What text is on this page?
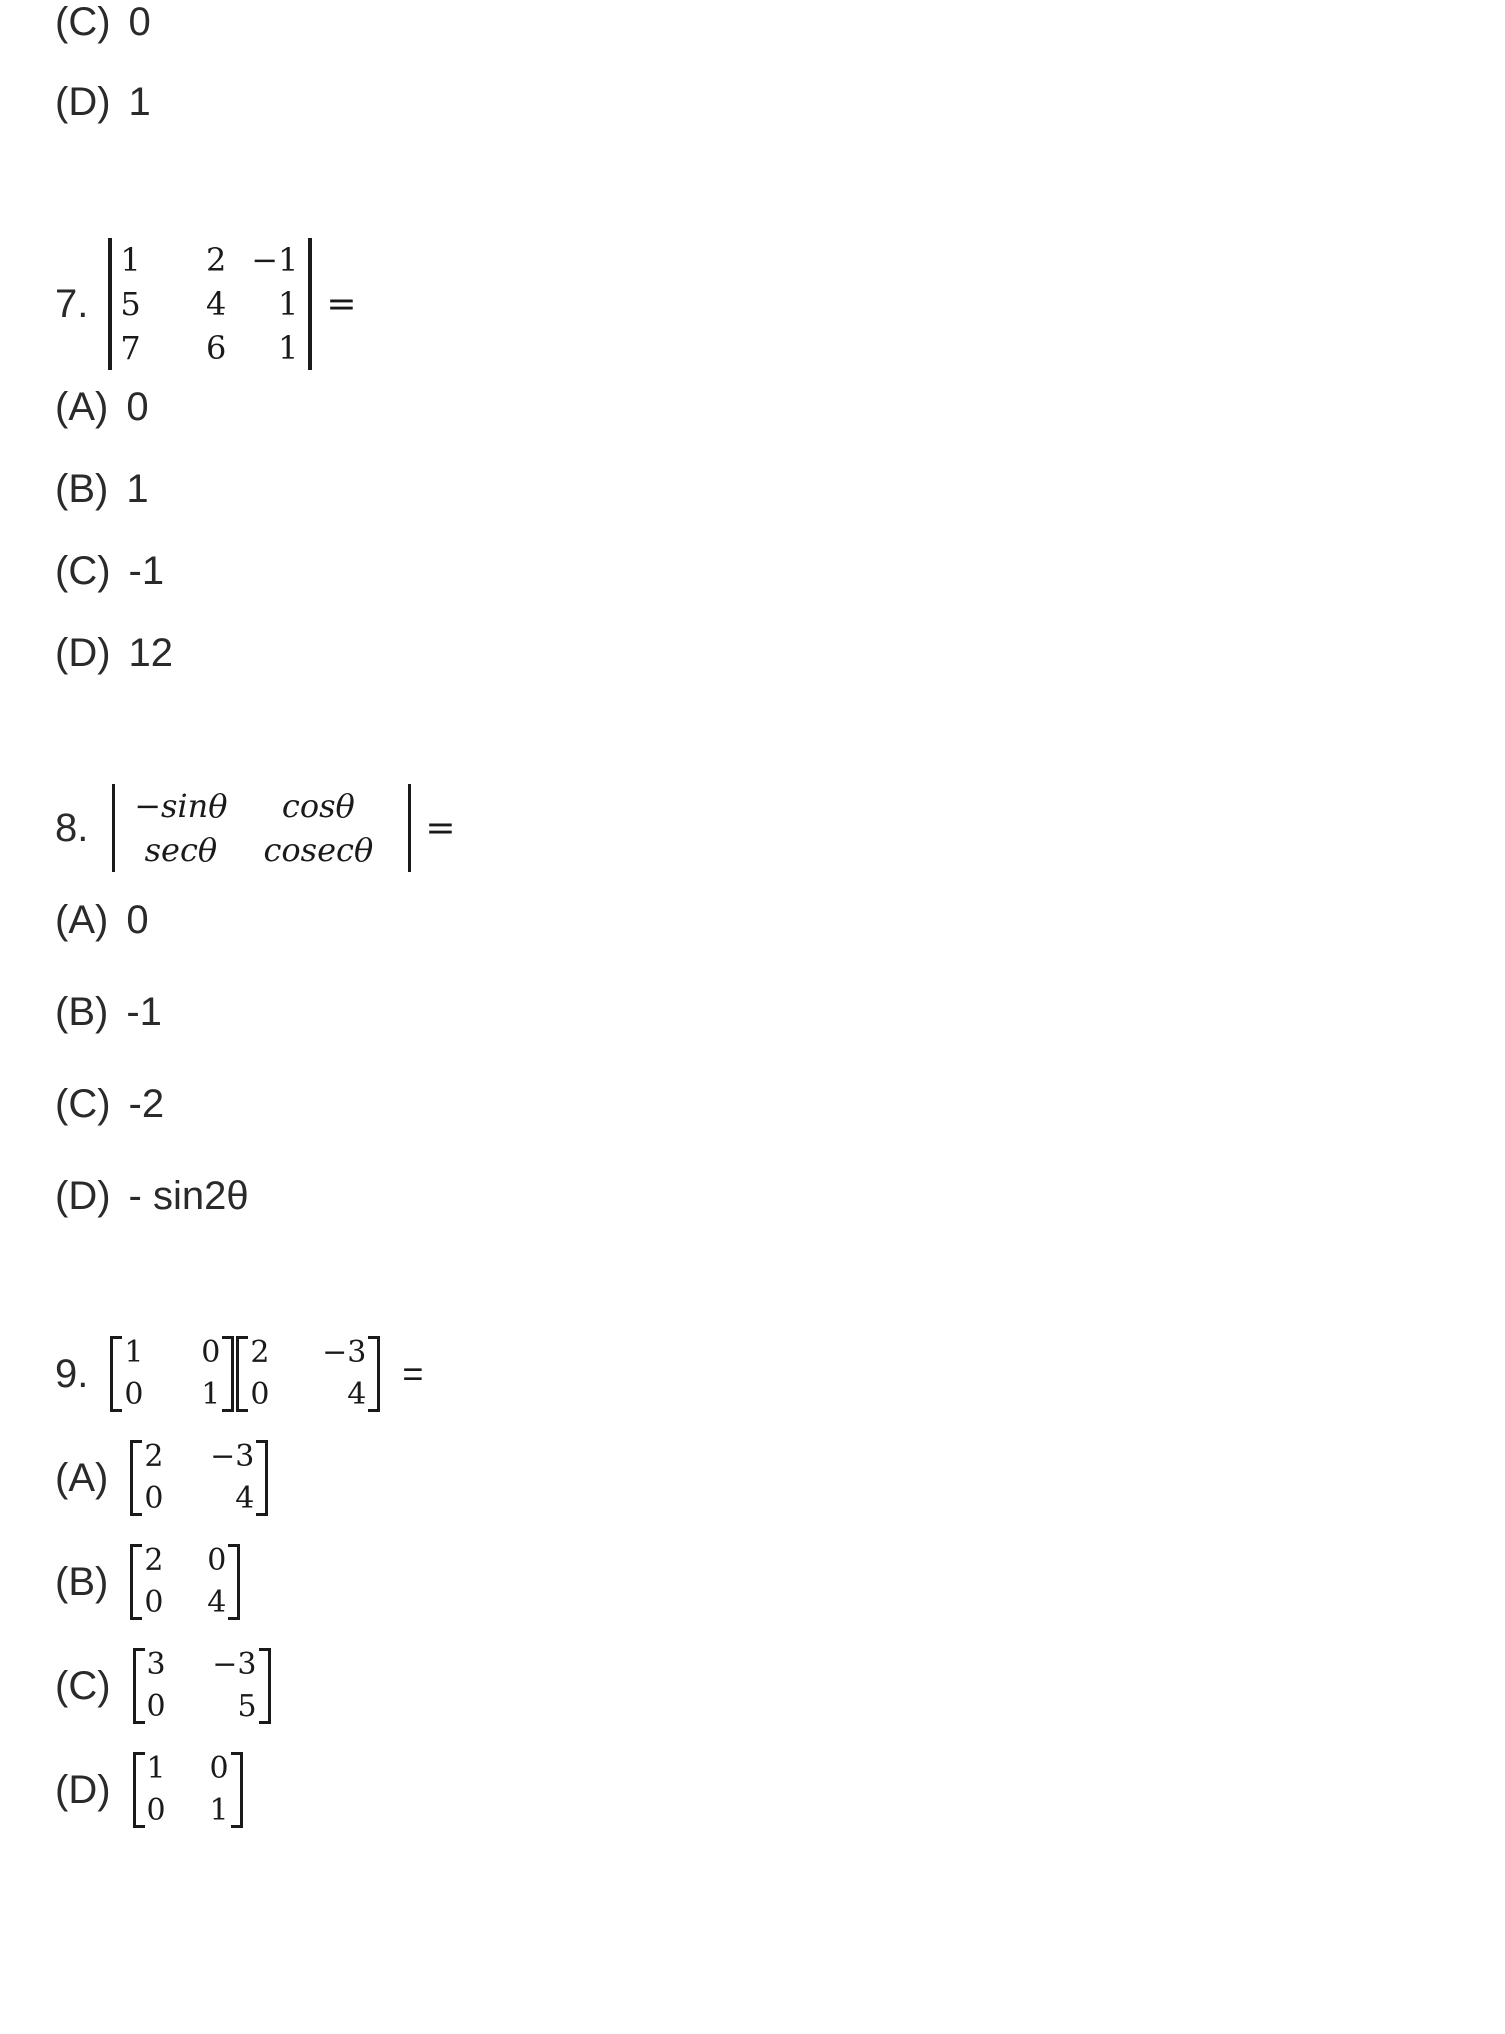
(C) 0
(D) 1
7.
1	2 −1
5	4	1
7	6	1
=
(A) 0
(B) 1
(C) -1
(D) 12
8.	−sinθ	cosθ
secθ	cosecθ
=
(A) 0
(B) -1
(C) -2
(D) - sin2θ
9. 1	0
0	1
2	−3
0	4
=
(A) 2	−3
0	4
(B) 2	0
0	4
(C) 3	−3
0	5
(D) 1	0
0	1
